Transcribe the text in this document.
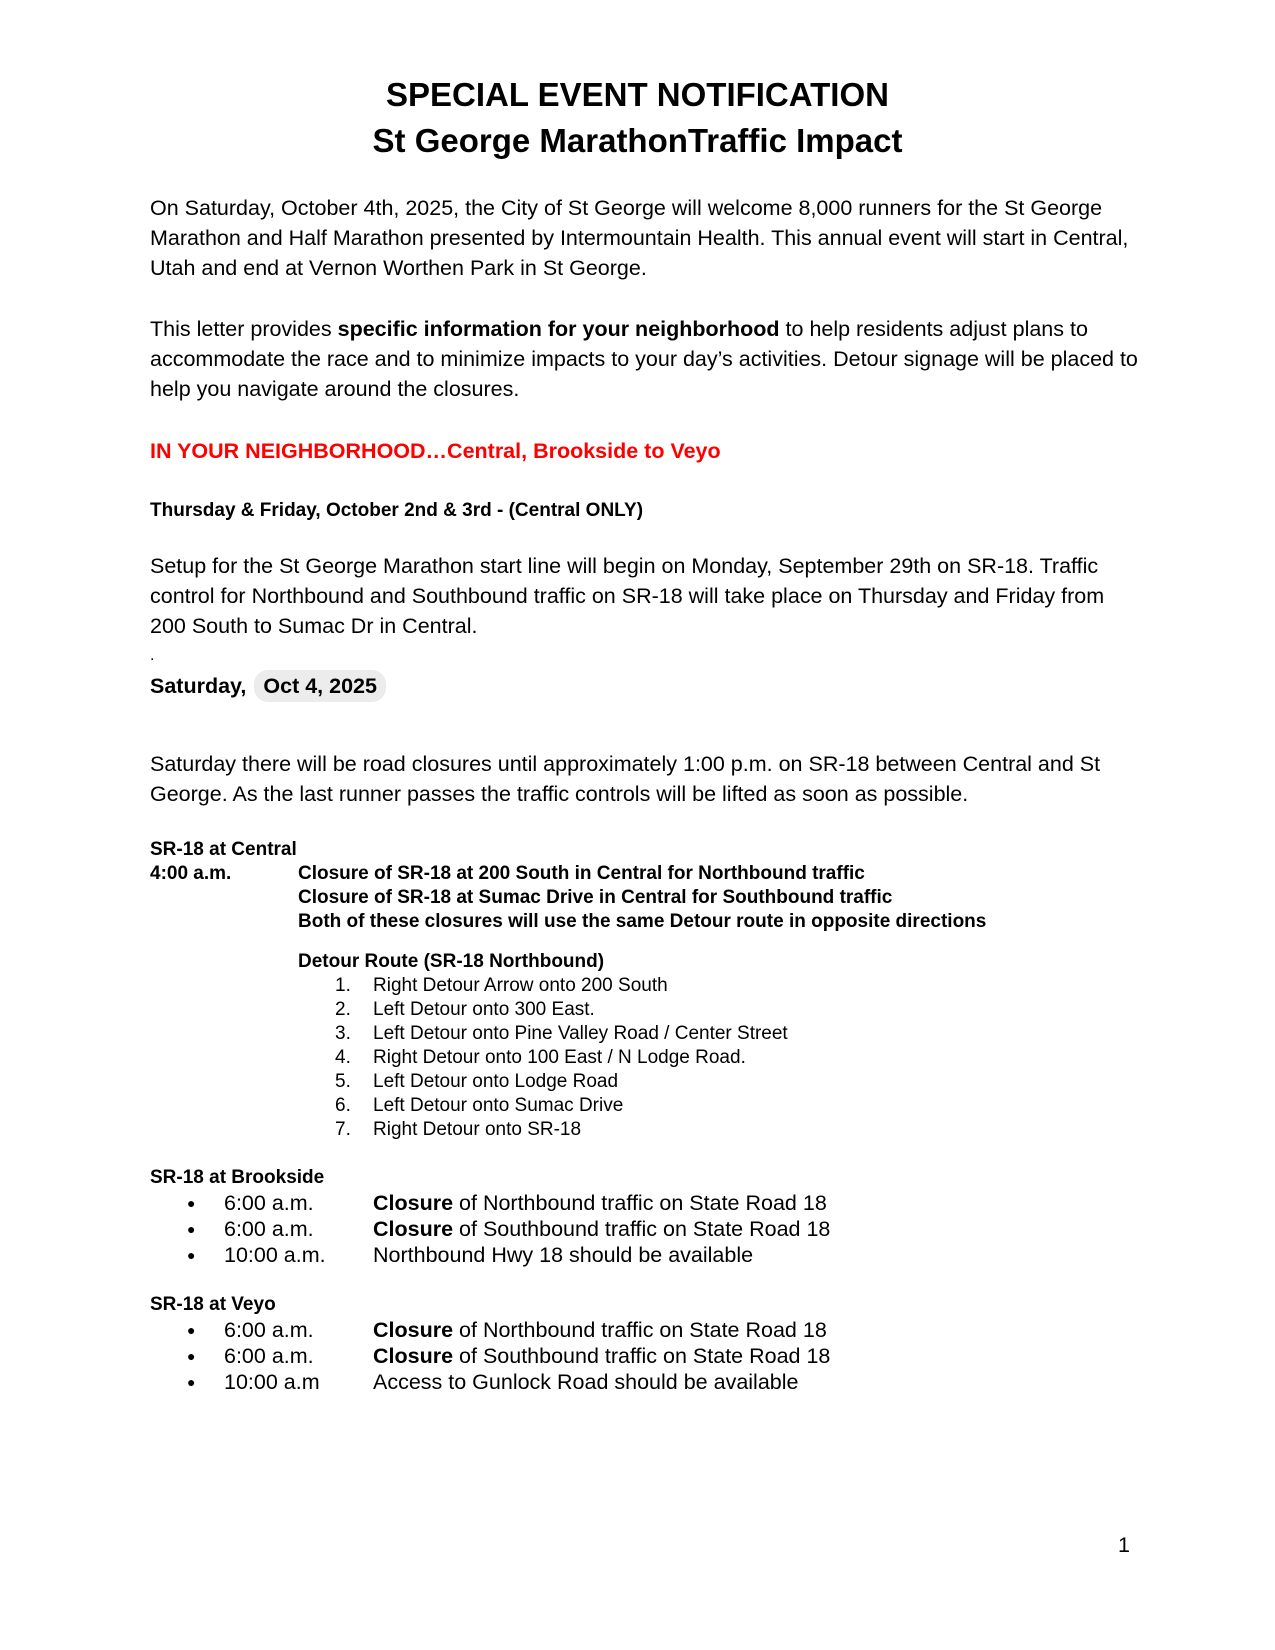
SPECIAL EVENT NOTIFICATION
St George MarathonTraffic Impact
On Saturday, October 4th, 2025, the City of St George will welcome 8,000 runners for the St George Marathon and Half Marathon presented by Intermountain Health. This annual event will start in Central, Utah and end at Vernon Worthen Park in St George.
This letter provides specific information for your neighborhood to help residents adjust plans to accommodate the race and to minimize impacts to your day’s activities. Detour signage will be placed to help you navigate around the closures.
IN YOUR NEIGHBORHOOD…Central, Brookside to Veyo
Thursday & Friday, October 2nd & 3rd - (Central ONLY)
Setup for the St George Marathon start line will begin on Monday, September 29th on SR-18. Traffic control for Northbound and Southbound traffic on SR-18 will take place on Thursday and Friday from 200 South to Sumac Dr in Central.
.
Saturday, Oct 4, 2025
Saturday there will be road closures until approximately 1:00 p.m. on SR-18 between Central and St George. As the last runner passes the traffic controls will be lifted as soon as possible.
SR-18 at Central
4:00 a.m.	Closure of SR-18 at 200 South in Central for Northbound traffic
Closure of SR-18 at Sumac Drive in Central for Southbound traffic
Both of these closures will use the same Detour route in opposite directions
Detour Route (SR-18 Northbound)
1.	Right Detour Arrow onto 200 South
2.	Left Detour onto 300 East.
3.	Left Detour onto Pine Valley Road / Center Street
4.	Right Detour onto 100 East / N Lodge Road.
5.	Left Detour onto Lodge Road
6.	Left Detour onto Sumac Drive
7.	Right Detour onto SR-18
SR-18 at Brookside
●	6:00 a.m.	Closure of Northbound traffic on State Road 18
●	6:00 a.m.	Closure of Southbound traffic on State Road 18
●	10:00 a.m.	Northbound Hwy 18 should be available
SR-18 at Veyo
●	6:00 a.m.	Closure of Northbound traffic on State Road 18
●	6:00 a.m.	Closure of Southbound traffic on State Road 18
●	10:00 a.m	Access to Gunlock Road should be available
1
